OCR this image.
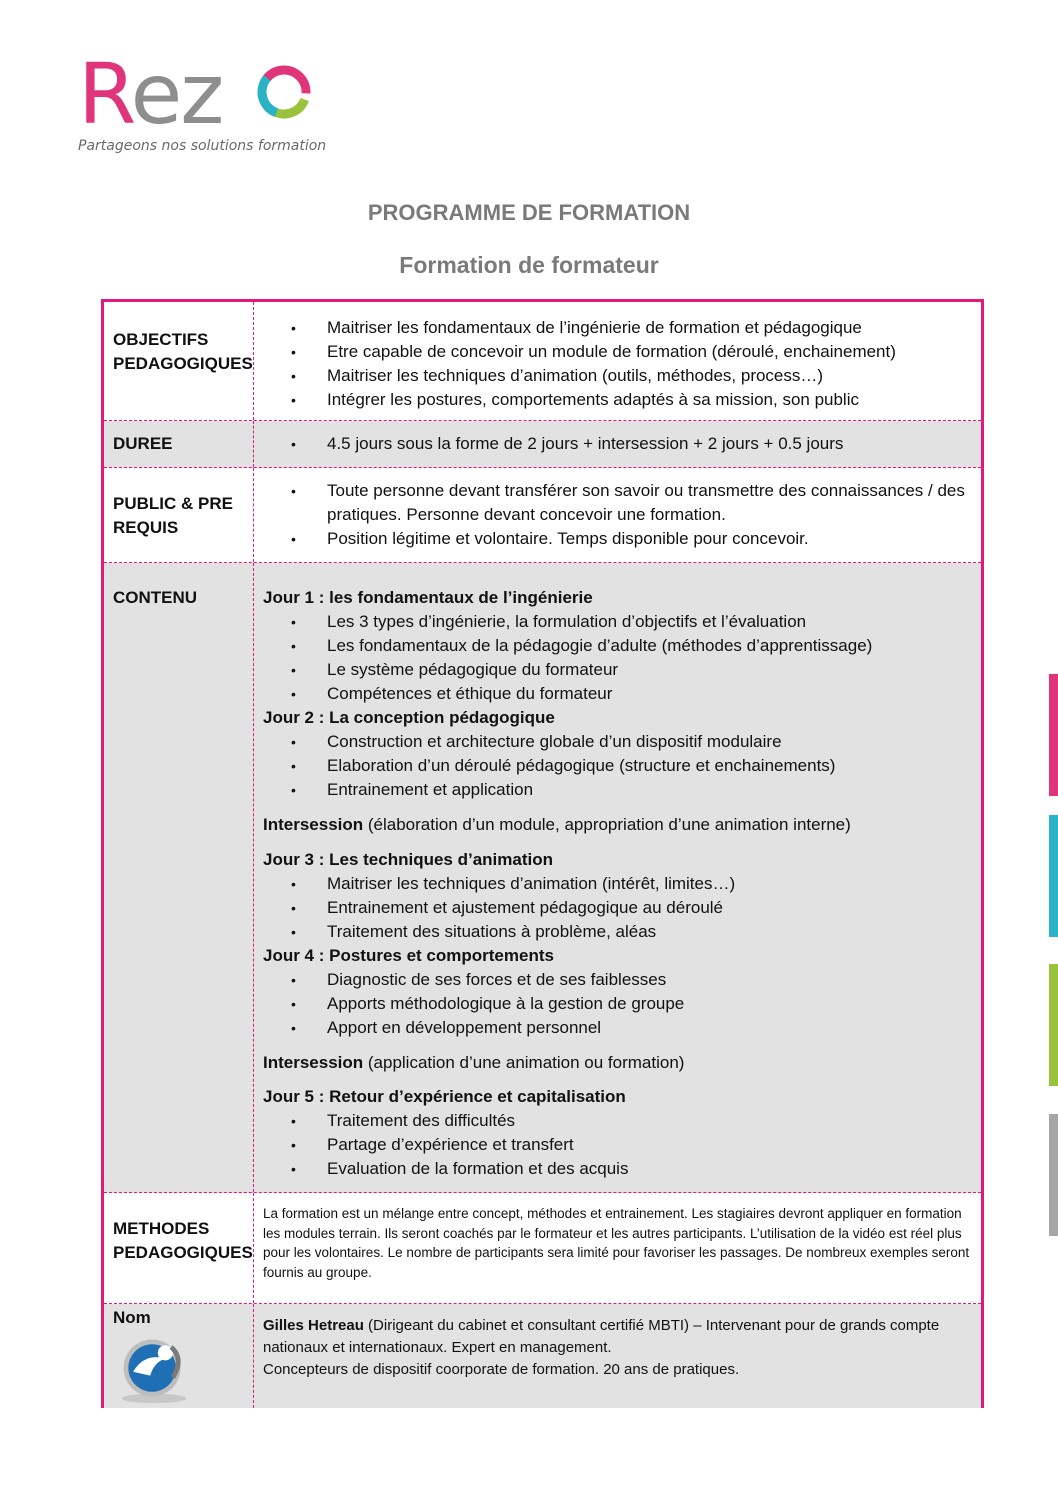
Rez
Partageons nos solutions formation
PROGRAMME DE FORMATION
Formation de formateur
OBJECTIFS PEDAGOGIQUES
• Maitriser les fondamentaux de l’ingénierie de formation et pédagogique
• Etre capable de concevoir un module de formation (déroulé, enchainement)
• Maitriser les techniques d’animation (outils, méthodes, process…)
• Intégrer les postures, comportements adaptés à sa mission, son public
DUREE
•	4.5 jours sous la forme de 2 jours + intersession + 2 jours + 0.5 jours
PUBLIC & PRE REQUIS
• Toute personne devant transférer son savoir ou transmettre des connaissances / des pratiques. Personne devant concevoir une formation.
• Position légitime et volontaire. Temps disponible pour concevoir.
CONTENU	Jour 1 : les fondamentaux de l’ingénierie
• Les 3 types d’ingénierie, la formulation d’objectifs et l’évaluation
• Les fondamentaux de la pédagogie d’adulte (méthodes d’apprentissage)
• Le système pédagogique du formateur
• Compétences et éthique du formateur
Jour 2 : La conception pédagogique
• Construction et architecture globale d’un dispositif modulaire
• Elaboration d’un déroulé pédagogique (structure et enchainements)
• Entrainement et application
Intersession (élaboration d’un module, appropriation d’une animation interne)
Jour 3 : Les techniques d’animation
• Maitriser les techniques d’animation (intérêt, limites…)
• Entrainement et ajustement pédagogique au déroulé
• Traitement des situations à problème, aléas
Jour 4 : Postures et comportements
• Diagnostic de ses forces et de ses faiblesses
• Apports méthodologique à la gestion de groupe
• Apport en développement personnel
Intersession (application d’une animation ou formation)
Jour 5 : Retour d’expérience et capitalisation
• Traitement des difficultés
• Partage d’expérience et transfert
• Evaluation de la formation et des acquis
METHODES PEDAGOGIQUES
La formation est un mélange entre concept, méthodes et entrainement. Les stagiaires devront appliquer en formation les modules terrain. Ils seront coachés par le formateur et les autres participants. L’utilisation de la vidéo est réel plus pour les volontaires. Le nombre de participants sera limité pour favoriser les passages. De nombreux exemples seront fournis au groupe.
Nom	Gilles Hetreau (Dirigeant du cabinet et consultant certifié MBTI) – Intervenant pour de grands compte nationaux et internationaux. Expert en management.
Concepteurs de dispositif coorporate de formation. 20 ans de pratiques.
